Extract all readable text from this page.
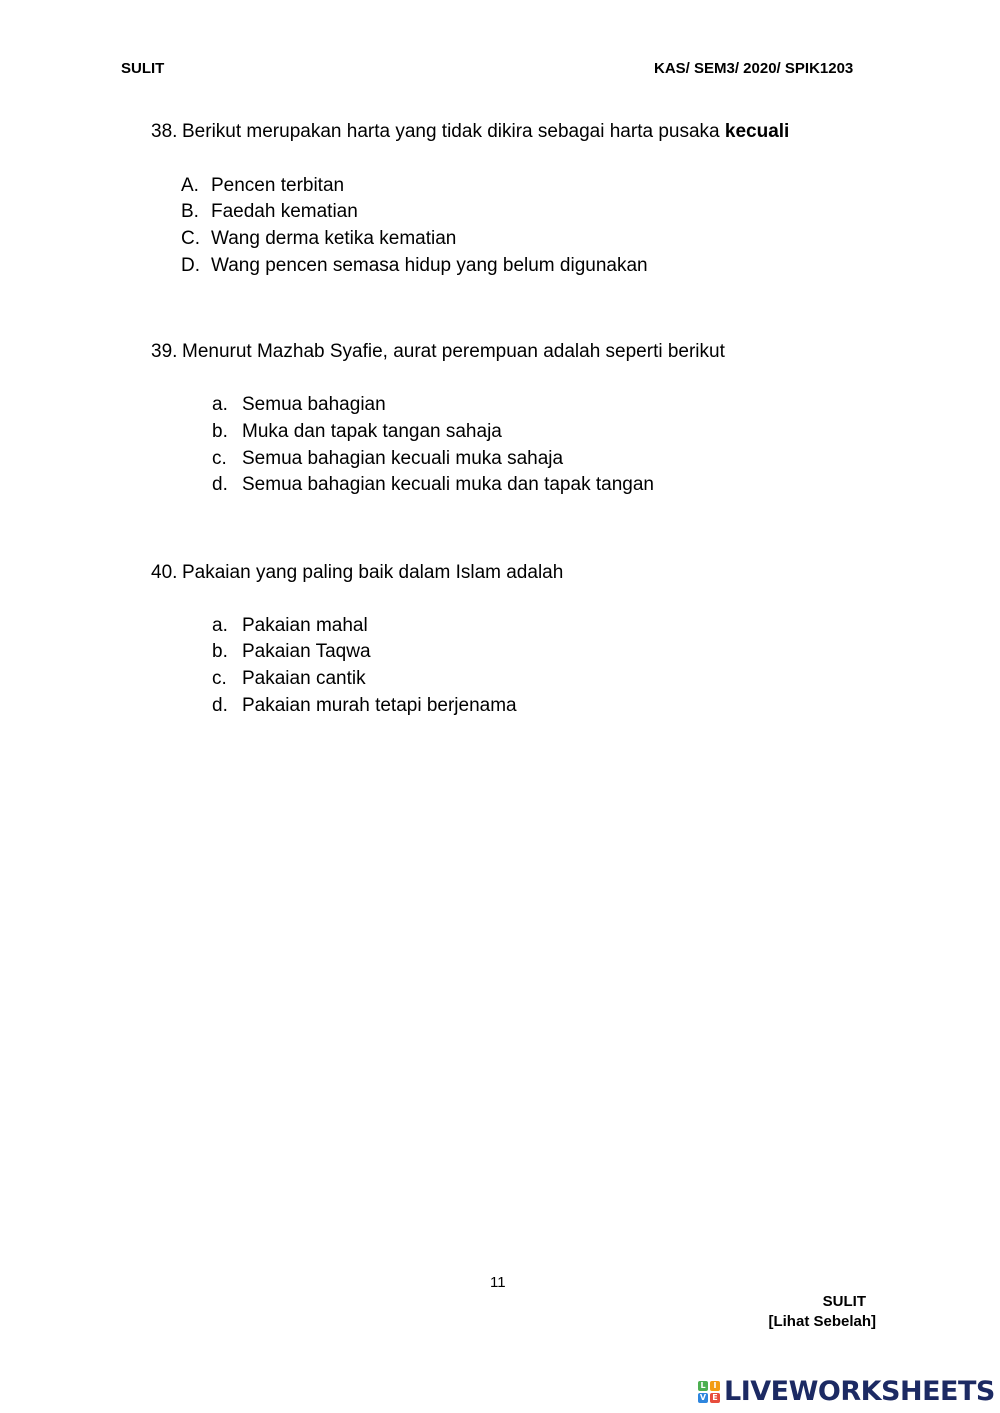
SULIT	KAS/ SEM3/ 2020/ SPIK1203
38. Berikut merupakan harta yang tidak dikira sebagai harta pusaka kecuali
A. Pencen terbitan
B. Faedah kematian
C. Wang derma ketika kematian
D. Wang pencen semasa hidup yang belum digunakan
39. Menurut Mazhab Syafie, aurat perempuan adalah seperti berikut
a. Semua bahagian
b. Muka dan tapak tangan sahaja
c. Semua bahagian kecuali muka sahaja
d. Semua bahagian kecuali muka dan tapak tangan
40. Pakaian yang paling baik dalam Islam adalah
a. Pakaian mahal
b. Pakaian Taqwa
c. Pakaian cantik
d. Pakaian murah tetapi berjenama
11
SULIT
[Lihat Sebelah]
L I
V E LIVEWORKSHEETS
